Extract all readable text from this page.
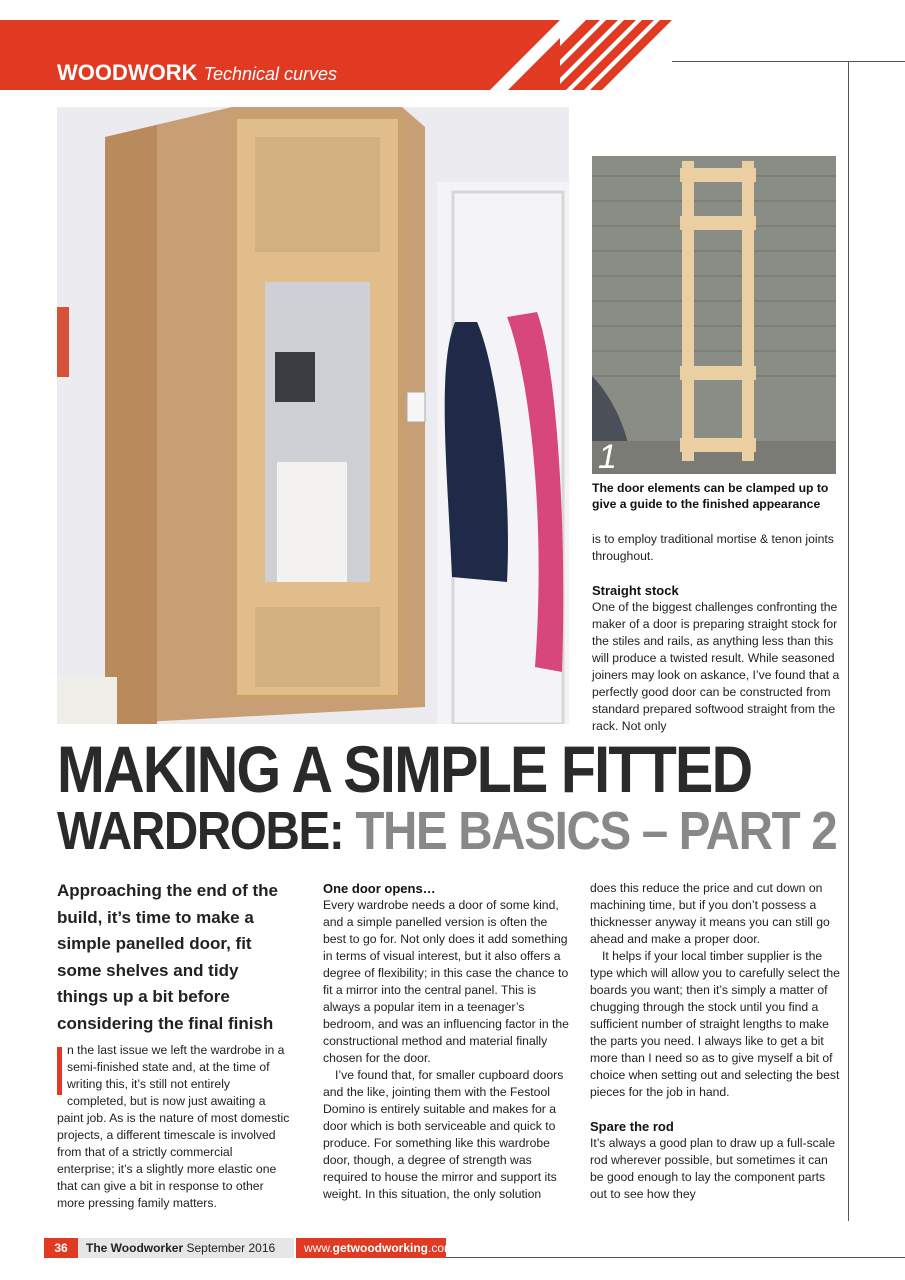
WOODWORK Technical curves
1
The door elements can be clamped up to give a guide to the finished appearance

is to employ traditional mortise & tenon joints throughout.

Straight stock

One of the biggest challenges confronting the maker of a door is preparing straight stock for the stiles and rails, as anything less than this will produce a twisted result. While seasoned joiners may look on askance, I’ve found that a perfectly good door can be constructed from standard prepared softwood straight from the rack. Not only

MAKING A SIMPLE FITTED
WARDROBE: THE BASICS – PART 2
Approaching the end of the build, it’s time to make a simple panelled door, fit some shelves and tidy things up a bit before considering the final finish

n the last issue we left the wardrobe in a semi-finished state and, at the time of writing this, it’s still not entirely completed, but is now just awaiting a paint job. As is the nature of most domestic projects, a different timescale is involved from that of a strictly commercial enterprise; it’s a slightly more elastic one that can give a bit in response to other more pressing family matters.

One door opens…

Every wardrobe needs a door of some kind, and a simple panelled version is often the best to go for. Not only does it add something in terms of visual interest, but it also offers a degree of flexibility; in this case the chance to fit a mirror into the central panel. This is always a popular item in a teenager’s bedroom, and was an influencing factor in the constructional method and material finally chosen for the door.

I’ve found that, for smaller cupboard doors and the like, jointing them with the Festool Domino is entirely suitable and makes for a door which is both serviceable and quick to produce. For something like this wardrobe door, though, a degree of strength was required to house the mirror and support its weight. In this situation, the only solution

does this reduce the price and cut down on machining time, but if you don’t possess a thicknesser anyway it means you can still go ahead and make a proper door.

It helps if your local timber supplier is the type which will allow you to carefully select the boards you want; then it’s simply a matter of chugging through the stock until you find a sufficient number of straight lengths to make the parts you need. I always like to get a bit more than I need so as to give myself a bit of choice when setting out and selecting the best pieces for the job in hand.

Spare the rod

It’s always a good plan to draw up a full-scale rod wherever possible, but sometimes it can be good enough to lay the component parts out to see how they

36	The Woodworker September 2016	www.getwoodworking.com
